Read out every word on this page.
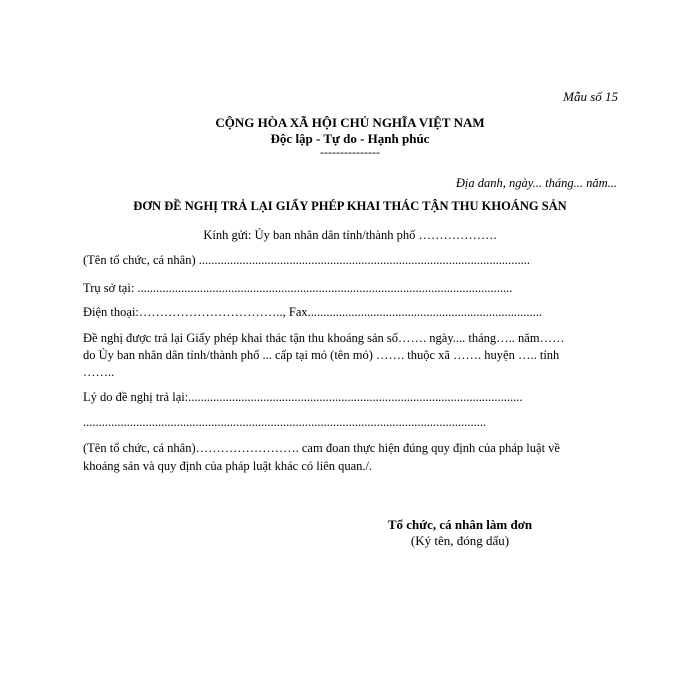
Mẫu số 15
CỘNG HÒA XÃ HỘI CHỦ NGHĨA VIỆT NAM
Độc lập - Tự do - Hạnh phúc
---------------
Địa danh, ngày... tháng... năm...
ĐƠN ĐỀ NGHỊ TRẢ LẠI GIẤY PHÉP KHAI THÁC TẬN THU KHOÁNG SẢN
Kính gửi: Ủy ban nhân dân tỉnh/thành phố ……………….
(Tên tổ chức, cá nhân) ..........................................................................................................
Trụ sở tại: ........................................................................................................................
Điện thoại:…………………………….., Fax...........................................................................
Đề nghị được trả lại Giấy phép khai thác tận thu khoáng sản số……. ngày.... tháng….. năm……
do Ủy ban nhân dân tỉnh/thành phố ... cấp tại mỏ (tên mỏ) ……. thuộc xã ……. huyện ….. tỉnh
……..
Lý do đề nghị trả lại:...........................................................................................................
.................................................................................................................................
(Tên tổ chức, cá nhân)……………………. cam đoan thực hiện đúng quy định của pháp luật về
khoáng sản và quy định của pháp luật khác có liên quan./.
Tổ chức, cá nhân làm đơn
(Ký tên, đóng dấu)
